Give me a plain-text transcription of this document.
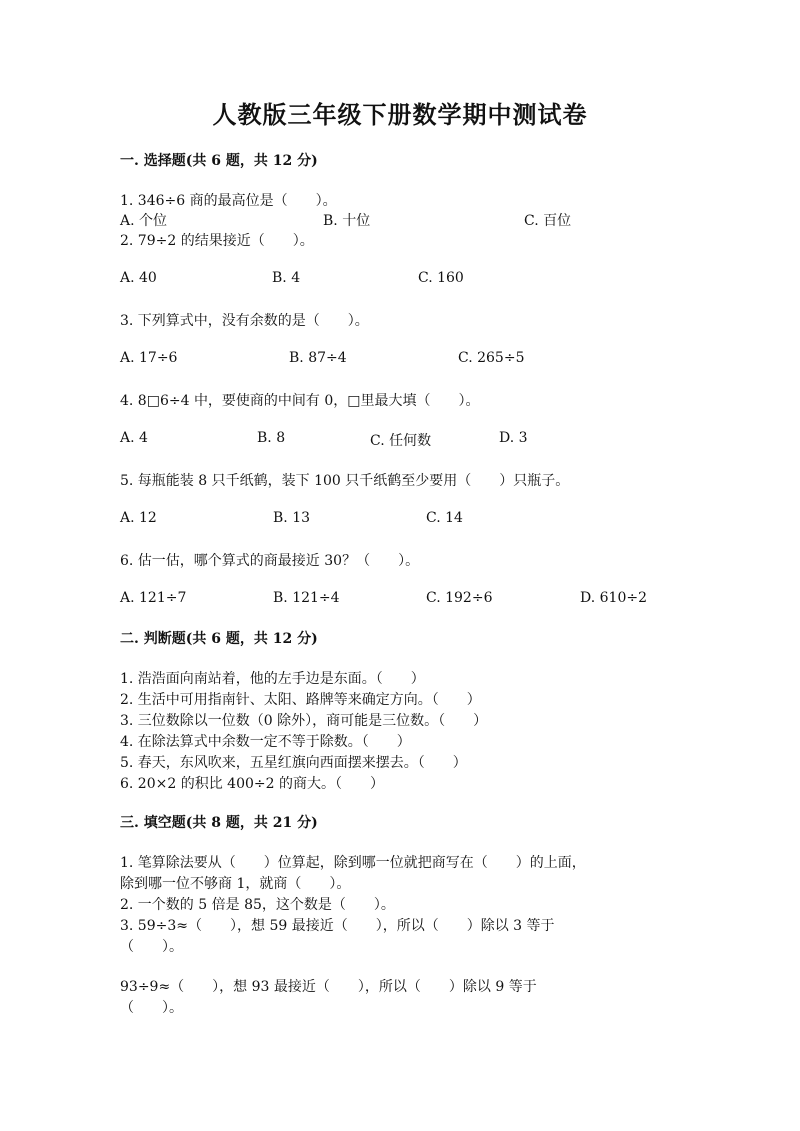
人教版三年级下册数学期中测试卷
一. 选择题(共 6 题，共 12 分)
1. 346÷6 商的最高位是（　　）。
A. 个位	B. 十位	C. 百位
2. 79÷2 的结果接近（　　）。
A. 40	B. 4	C. 160
3. 下列算式中，没有余数的是（　　）。
A. 17÷6	B. 87÷4	C. 265÷5
4. 8□6÷4 中，要使商的中间有 0，□里最大填（　　）。
A. 4	B. 8	C. 任何数	D. 3
5. 每瓶能装 8 只千纸鹤，装下 100 只千纸鹤至少要用（　　）只瓶子。
A. 12	B. 13	C. 14
6. 估一估，哪个算式的商最接近 30？（　　）。
A. 121÷7	B. 121÷4	C. 192÷6	D. 610÷2
二. 判断题(共 6 题，共 12 分)
1. 浩浩面向南站着，他的左手边是东面。（　　）
2. 生活中可用指南针、太阳、路牌等来确定方向。（　　）
3. 三位数除以一位数（0 除外），商可能是三位数。（　　）
4. 在除法算式中余数一定不等于除数。（　　）
5. 春天，东风吹来，五星红旗向西面摆来摆去。（　　）
6. 20×2 的积比 400÷2 的商大。（　　）
三. 填空题(共 8 题，共 21 分)
1. 笔算除法要从（　　）位算起，除到哪一位就把商写在（　　）的上面，
除到哪一位不够商 1，就商（　　）。
2. 一个数的 5 倍是 85，这个数是（　　）。
3. 59÷3≈（　　），想 59 最接近（　　），所以（　　）除以 3 等于
（　　）。
93÷9≈（　　），想 93 最接近（　　），所以（　　）除以 9 等于
（　　）。
